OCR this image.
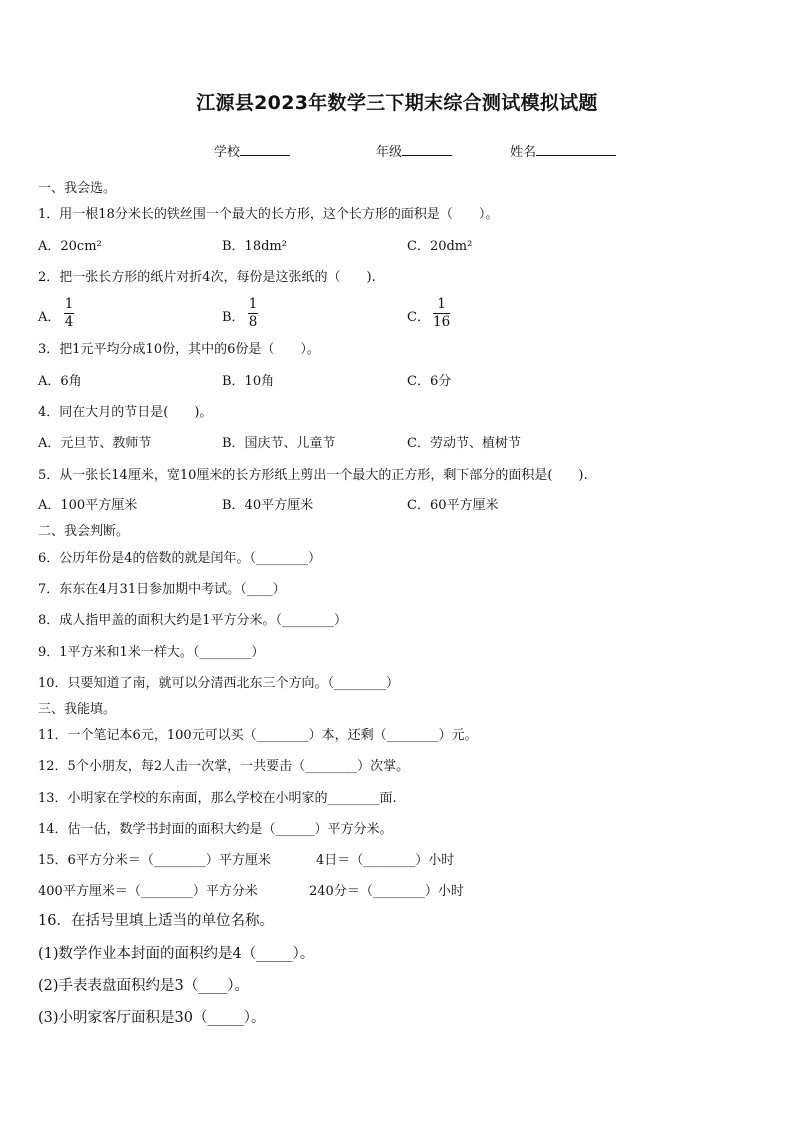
江源县2023年数学三下期末综合测试模拟试题
学校	年级	姓名
一、我会选。
1．用一根18分米长的铁丝围一个最大的长方形，这个长方形的面积是（　　）。
A．20cm²	B．18dm²	C．20dm²
2．把一张长方形的纸片对折4次，每份是这张纸的（　　).
A．
1
4	B．
1
8	C．
1
16
3．把1元平均分成10份，其中的6份是（　　）。
A．6角	B．10角	C．6分
4．同在大月的节日是(　　)。
A．元旦节、教师节	B．国庆节、儿童节	C．劳动节、植树节
5．从一张长14厘米，宽10厘米的长方形纸上剪出一个最大的正方形，剩下部分的面积是(　　).
A．100平方厘米	B．40平方厘米	C．60平方厘米
二、我会判断。
6．公历年份是4的倍数的就是闰年。（________）
7．东东在4月31日参加期中考试。（____）
8．成人指甲盖的面积大约是1平方分米。（________）
9．1平方米和1米一样大。（________）
10．只要知道了南，就可以分清西北东三个方向。（________）
三、我能填。
11．一个笔记本6元，100元可以买（________）本，还剩（________）元。
12．5个小朋友，每2人击一次掌，一共要击（________）次掌。
13．小明家在学校的东南面，那么学校在小明家的________面.
14．估一估，数学书封面的面积大约是（______）平方分米。
15．6平方分米＝（________）平方厘米	4日＝（________）小时
400平方厘米＝（________）平方分米	240分＝（________）小时
16．在括号里填上适当的单位名称。
(1)数学作业本封面的面积约是4（_____）。
(2)手表表盘面积约是3（____）。
(3)小明家客厅面积是30（_____）。
